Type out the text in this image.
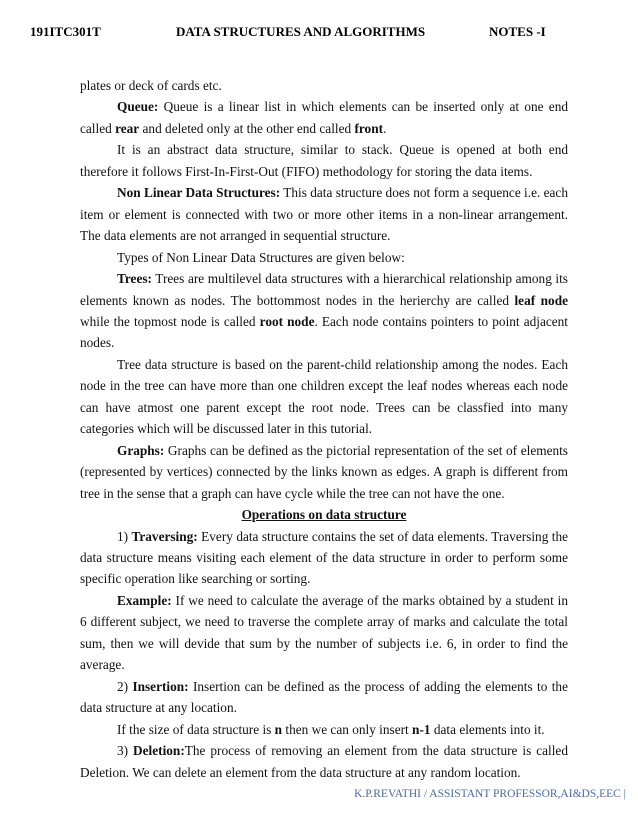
191ITC301T	DATA STRUCTURES AND ALGORITHMS	NOTES -I

plates or deck of cards etc.

Queue: Queue is a linear list in which elements can be inserted only at one end called rear and deleted only at the other end called front.

It is an abstract data structure, similar to stack. Queue is opened at both end therefore it follows First-In-First-Out (FIFO) methodology for storing the data items.

Non Linear Data Structures: This data structure does not form a sequence i.e. each item or element is connected with two or more other items in a non-linear arrangement. The data elements are not arranged in sequential structure.

Types of Non Linear Data Structures are given below:

Trees: Trees are multilevel data structures with a hierarchical relationship among its elements known as nodes. The bottommost nodes in the herierchy are called leaf node while the topmost node is called root node. Each node contains pointers to point adjacent nodes.

Tree data structure is based on the parent-child relationship among the nodes. Each node in the tree can have more than one children except the leaf nodes whereas each node can have atmost one parent except the root node. Trees can be classfied into many categories which will be discussed later in this tutorial.

Graphs: Graphs can be defined as the pictorial representation of the set of elements (represented by vertices) connected by the links known as edges. A graph is different from tree in the sense that a graph can have cycle while the tree can not have the one.

Operations on data structure

1) Traversing: Every data structure contains the set of data elements. Traversing the data structure means visiting each element of the data structure in order to perform some specific operation like searching or sorting.

Example: If we need to calculate the average of the marks obtained by a student in 6 different subject, we need to traverse the complete array of marks and calculate the total sum, then we will devide that sum by the number of subjects i.e. 6, in order to find the average.

2) Insertion: Insertion can be defined as the process of adding the elements to the data structure at any location.

If the size of data structure is n then we can only insert n-1 data elements into it.

3) Deletion:The process of removing an element from the data structure is called Deletion. We can delete an element from the data structure at any random location.

K.P.REVATHI / ASSISTANT PROFESSOR,AI&DS,EEC |
